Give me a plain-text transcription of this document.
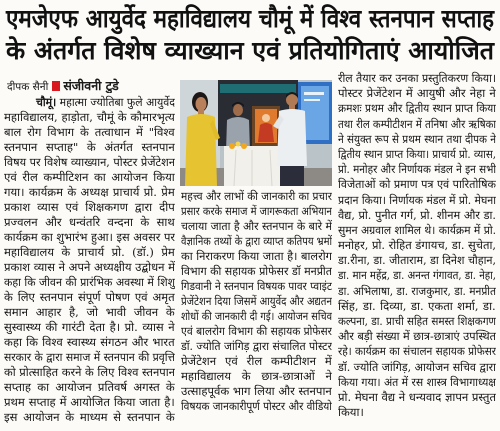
एमजेएफ आयुर्वेद महाविद्यालय चौमूं में विश्व स्तनपान सप्ताह
के अंतर्गत विशेष व्याख्यान एवं प्रतियोगिताएं आयोजित
दीपक सैनी संजीवनी टुडे
चौमूं। महात्मा ज्योतिबा फुले आयुर्वेद
महाविद्यालय, हाड़ोता, चौमूं के कौमारभृत्य
बाल रोग विभाग के तत्वाधान में "विश्व
स्तनपान सप्ताह" के अंतर्गत स्तनपान
विषय पर विशेष व्याख्यान, पोस्टर प्रेजेंटेशन
एवं रील कम्पीटिशन का आयोजन किया
गया। कार्यक्रम के अध्यक्ष प्राचार्य प्रो. प्रेम
प्रकाश व्यास एवं शिक्षकगण द्वारा दीप
प्रज्वलन और धन्वंतरि वन्दना के साथ
कार्यक्रम का शुभारंभ हुआ। इस अवसर पर
महाविद्यालय के प्राचार्य प्रो. (डॉ.) प्रेम
प्रकाश व्यास ने अपने अध्यक्षीय उद्बोधन में
कहा कि जीवन की प्रारंभिक अवस्था में शिशु
के लिए स्तनपान संपूर्ण पोषण एवं अमृत
समान आहार है, जो भावी जीवन के
सुस्वास्थ्य की गारंटी देता है। प्रो. व्यास ने
कहा कि विश्व स्वास्थ्य संगठन और भारत
सरकार के द्वारा समाज में स्तनपान की प्रवृत्ति
को प्रोत्साहित करने के लिए विश्व स्तनपान
सप्ताह का आयोजन प्रतिवर्ष अगस्त के
प्रथम सप्ताह में आयोजित किया जाता है।
इस आयोजन के माध्यम से स्तनपान के
महत्त्व और लाभों की जानकारी का प्रचार
प्रसार करके समाज में जागरूकता अभियान
चलाया जाता है और स्तनपान के बारे में
वैज्ञानिक तथ्यों के द्वारा व्याप्त कतिपय भ्रमों
का निराकरण किया जाता है। बालरोग
विभाग की सहायक प्रोफेसर डॉ मनप्रीत
गिडवानी ने स्तनपान विषयक पावर प्वाइंट
प्रेजेंटेशन दिया जिसमें आयुर्वेद और अद्यतन
शोधों की जानकारी दी गई। आयोजन सचिव
एवं बालरोग विभाग की सहायक प्रोफेसर
डॉ. ज्योति जांगिड़ द्वारा संचालित पोस्टर
प्रेजेंटेशन एवं रील कम्पीटीशन में
महाविद्यालय के छात्र-छात्राओं ने
उत्साहपूर्वक भाग लिया और स्तनपान
विषयक जानकारीपूर्ण पोस्टर और वीडियो
रील तैयार कर उनका प्रस्तुतिकरण किया।
पोस्टर प्रेजेंटेशन में आयुषी और नेहा ने
क्रमशः प्रथम और द्वितीय स्थान प्राप्त किया
तथा रील कम्पीटीशन में तनिषा और ऋषिका
ने संयुक्त रूप से प्रथम स्थान तथा दीपक ने
द्वितीय स्थान प्राप्त किया। प्राचार्य प्रो. व्यास,
प्रो. मनोहर और निर्णायक मंडल ने इन सभी
विजेताओं को प्रमाण पत्र एवं पारितोषिक
प्रदान किया। निर्णायक मंडल में प्रो. मेघना
वैद्य, प्रो. पुनीत गर्ग, प्रो. शीनम और डा.
सुमन अग्रवाल शामिल थे। कार्यक्रम में प्रो.
मनोहर, प्रो. रोहित डंगायच, डा. सुचेता,
डा.रीना, डा. जीताराम, डा दिनेश चौहान,
डा. मान महेंद्र, डा. अनन्त गंगावत, डा. नेहा,
डा. अभिलाषा, डा. राजकुमार, डा. मनप्रीत
सिंह, डा. दिव्या, डा. एकता शर्मा, डा.
कल्पना, डा. प्राची सहित समस्त शिक्षकगण
और बड़ी संख्या में छात्र-छात्राएं उपस्थित
रहे। कार्यक्रम का संचालन सहायक प्रोफेसर
डॉ. ज्योति जांगिड़, आयोजन सचिव द्वारा
किया गया। अंत में रस शास्त्र विभागाध्यक्ष
प्रो. मेघना वैद्य ने धन्यवाद ज्ञापन प्रस्तुत
किया।
